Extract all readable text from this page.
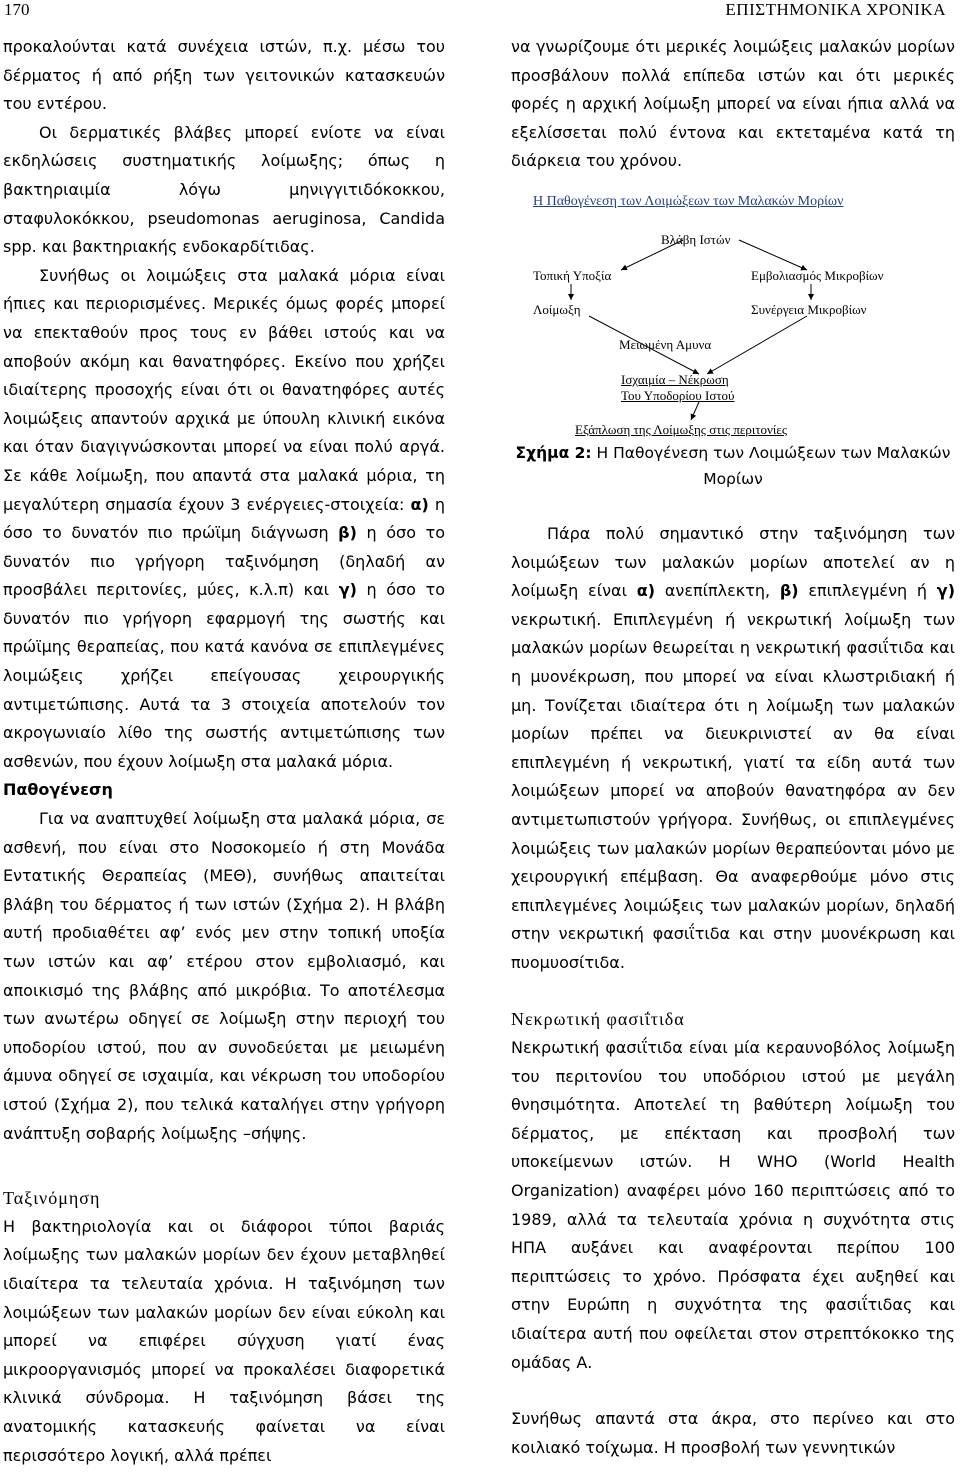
170	ΕΠΙΣΤΗΜΟΝΙΚΑ ΧΡΟΝΙΚΑ

προκαλούνται κατά συνέχεια ιστών, π.χ. μέσω του δέρματος ή από ρήξη των γειτονικών κατασκευών του εντέρου.

Οι δερματικές βλάβες μπορεί ενίοτε να είναι εκδηλώσεις συστηματικής λοίμωξης; όπως η βακτηριαιμία λόγω μηνιγγιτιδόκοκκου, σταφυλοκόκκου, pseudomonas aeruginosa, Candida spp. και βακτηριακής ενδοκαρδίτιδας.

Συνήθως οι λοιμώξεις στα μαλακά μόρια είναι ήπιες και περιορισμένες. Μερικές όμως φορές μπορεί να επεκταθούν προς τους εν βάθει ιστούς και να αποβούν ακόμη και θανατηφόρες. Εκείνο που χρήζει ιδιαίτερης προσοχής είναι ότι οι θανατηφόρες αυτές λοιμώξεις απαντούν αρχικά με ύπουλη κλινική εικόνα και όταν διαγιγνώσκονται μπορεί να είναι πολύ αργά. Σε κάθε λοίμωξη, που απαντά στα μαλακά μόρια, τη μεγαλύτερη σημασία έχουν 3 ενέργειες-στοιχεία: α) η όσο το δυνατόν πιο πρώϊμη διάγνωση β) η όσο το δυνατόν πιο γρήγορη ταξινόμηση (δηλαδή αν προσβάλει περιτονίες, μύες, κ.λ.π) και γ) η όσο το δυνατόν πιο γρήγορη εφαρμογή της σωστής και πρώϊμης θεραπείας, που κατά κανόνα σε επιπλεγμένες λοιμώξεις χρήζει επείγουσας χειρουργικής αντιμετώπισης. Αυτά τα 3 στοιχεία αποτελούν τον ακρογωνιαίο λίθο της σωστής αντιμετώπισης των ασθενών, που έχουν λοίμωξη στα μαλακά μόρια.

Παθογένεση

Για να αναπτυχθεί λοίμωξη στα μαλακά μόρια, σε ασθενή, που είναι στο Νοσοκομείο ή στη Μονάδα Εντατικής Θεραπείας (ΜΕΘ), συνήθως απαιτείται βλάβη του δέρματος ή των ιστών (Σχήμα 2). Η βλάβη αυτή προδιαθέτει αφ’ ενός μεν στην τοπική υποξία των ιστών και αφ’ ετέρου στον εμβολιασμό, και αποικισμό της βλάβης από μικρόβια. Το αποτέλεσμα των ανωτέρω οδηγεί σε λοίμωξη στην περιοχή του υποδορίου ιστού, που αν συνοδεύεται με μειωμένη άμυνα οδηγεί σε ισχαιμία, και νέκρωση του υποδορίου ιστού (Σχήμα 2), που τελικά καταλήγει στην γρήγορη ανάπτυξη σοβαρής λοίμωξης –σήψης.

Ταξινόμηση

Η βακτηριολογία και οι διάφοροι τύποι βαριάς λοίμωξης των μαλακών μορίων δεν έχουν μεταβληθεί ιδιαίτερα τα τελευταία χρόνια. Η ταξινόμηση των λοιμώξεων των μαλακών μορίων δεν είναι εύκολη και μπορεί να επιφέρει σύγχυση γιατί ένας μικροοργανισμός μπορεί να προκαλέσει διαφορετικά κλινικά σύνδρομα. Η ταξινόμηση βάσει της ανατομικής κατασκευής φαίνεται να είναι περισσότερο λογική, αλλά πρέπει

να γνωρίζουμε ότι μερικές λοιμώξεις μαλακών μορίων προσβάλουν πολλά επίπεδα ιστών και ότι μερικές φορές η αρχική λοίμωξη μπορεί να είναι ήπια αλλά να εξελίσσεται πολύ έντονα και εκτεταμένα κατά τη διάρκεια του χρόνου.

Η Παθογένεση των Λοιμώξεων των Μαλακών Μορίων
Βλάβη Ιστών
Τοπική Υποξία	Εμβολιασμός Μικροβίων
Λοίμωξη	Συνέργεια Μικροβίων
Μειωμένη Αμυνα
Ισχαιμία – Νέκρωση
Του Υποδορίου Ιστού
Εξάπλωση της Λοίμωξης στις περιτονίες

Σχήμα 2: Η Παθογένεση των Λοιμώξεων των Μαλακών Μορίων

Πάρα πολύ σημαντικό στην ταξινόμηση των λοιμώξεων των μαλακών μορίων αποτελεί αν η λοίμωξη είναι α) ανεπίπλεκτη, β) επιπλεγμένη ή γ) νεκρωτική. Επιπλεγμένη ή νεκρωτική λοίμωξη των μαλακών μορίων θεωρείται η νεκρωτική φασιΐτιδα και η μυονέκρωση, που μπορεί να είναι κλωστριδιακή ή μη. Τονίζεται ιδιαίτερα ότι η λοίμωξη των μαλακών μορίων πρέπει να διευκρινιστεί αν θα είναι επιπλεγμένη ή νεκρωτική, γιατί τα είδη αυτά των λοιμώξεων μπορεί να αποβούν θανατηφόρα αν δεν αντιμετωπιστούν γρήγορα. Συνήθως, οι επιπλεγμένες λοιμώξεις των μαλακών μορίων θεραπεύονται μόνο με χειρουργική επέμβαση. Θα αναφερθούμε μόνο στις επιπλεγμένες λοιμώξεις των μαλακών μορίων, δηλαδή στην νεκρωτική φασιΐτιδα και στην μυονέκρωση και πυομυοσίτιδα.

Νεκρωτική φασιΐτιδα

Νεκρωτική φασιΐτιδα είναι μία κεραυνοβόλος λοίμωξη του περιτονίου του υποδόριου ιστού με μεγάλη θνησιμότητα. Αποτελεί τη βαθύτερη λοίμωξη του δέρματος, με επέκταση και προσβολή των υποκείμενων ιστών. Η WHO (World Health Organization) αναφέρει μόνο 160 περιπτώσεις από το 1989, αλλά τα τελευταία χρόνια η συχνότητα στις ΗΠΑ αυξάνει και αναφέρονται περίπου 100 περιπτώσεις το χρόνο. Πρόσφατα έχει αυξηθεί και στην Ευρώπη η συχνότητα της φασιΐτιδας και ιδιαίτερα αυτή που οφείλεται στον στρεπτόκοκκο της ομάδας Α.

Συνήθως απαντά στα άκρα, στο περίνεο και στο κοιλιακό τοίχωμα. Η προσβολή των γεννητικών
